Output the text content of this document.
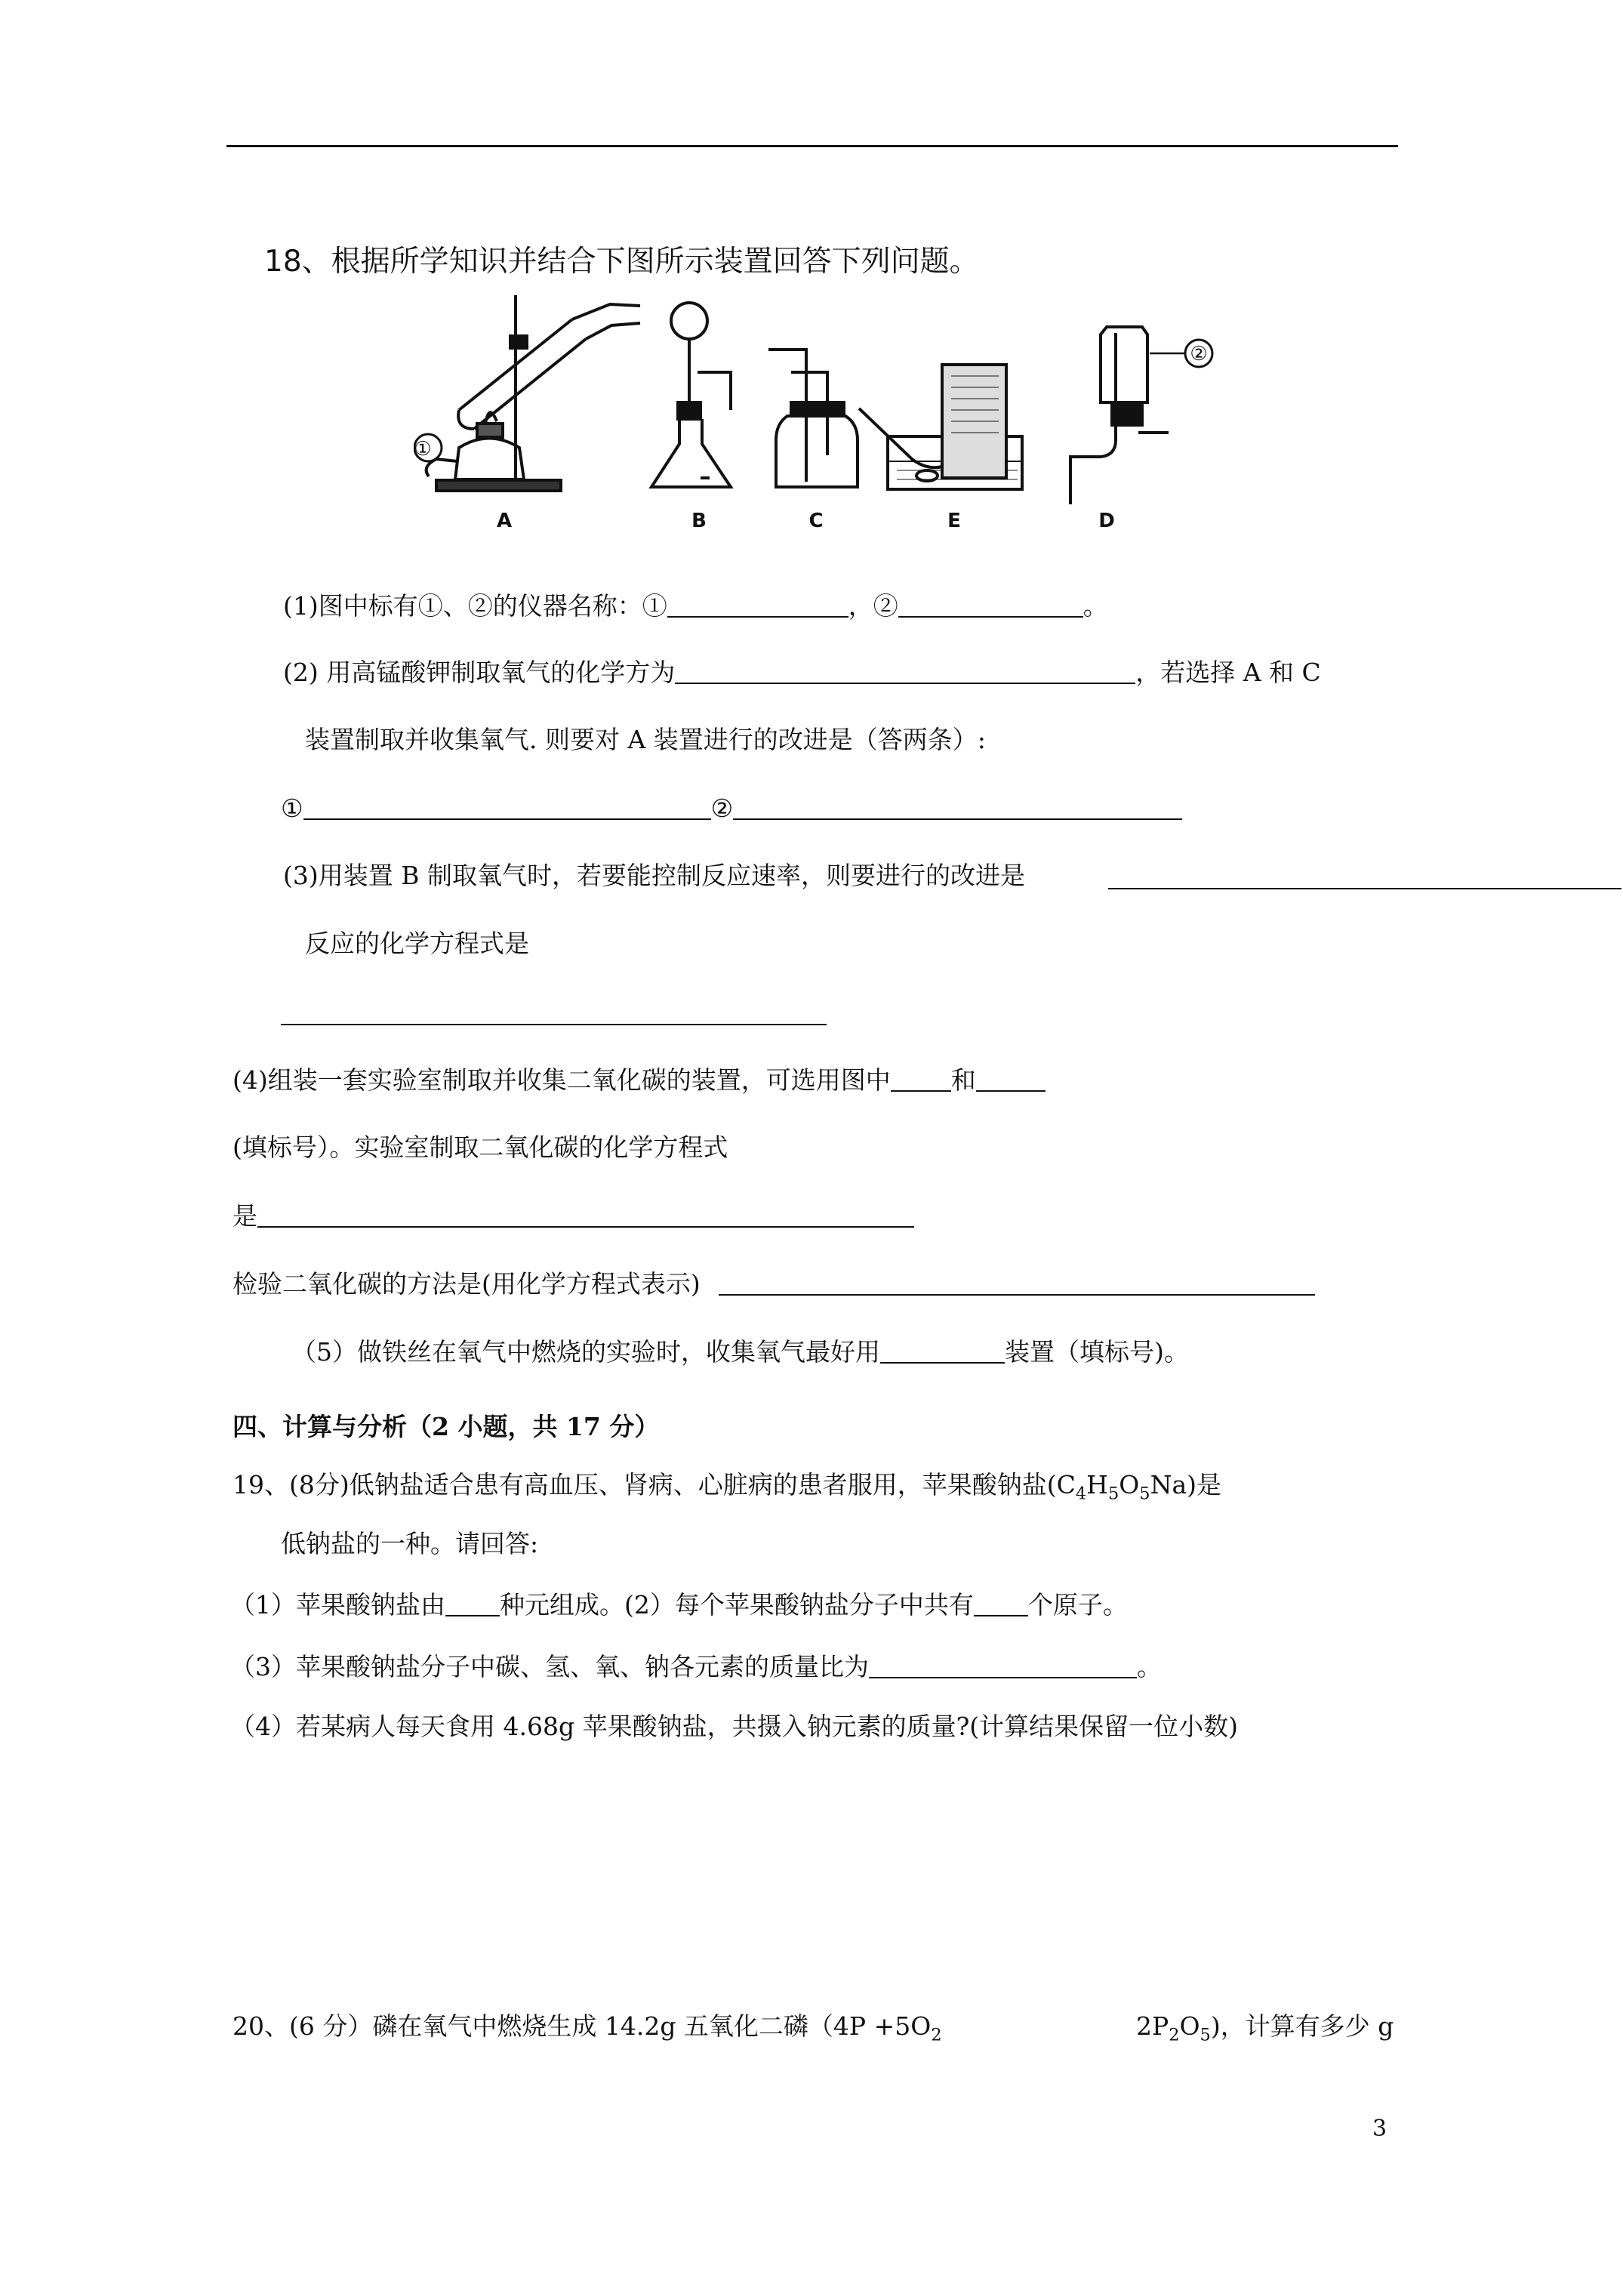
18、根据所学知识并结合下图所示装置回答下列问题。
①
②
A	B	C	E	D
(1)图中标有①、②的仪器名称：①	，②	。
(2) 用高锰酸钾制取氧气的化学方为	，若选择 A 和 C
装置制取并收集氧气. 则要对 A 装置进行的改进是（答两条）:
①	②
(3)用装置 B 制取氧气时，若要能控制反应速率，则要进行的改进是
反应的化学方程式是
(4)组装一套实验室制取并收集二氧化碳的装置，可选用图中 和
(填标号）。实验室制取二氧化碳的化学方程式
是
检验二氧化碳的方法是(用化学方程式表示)
（5）做铁丝在氧气中燃烧的实验时，收集氧气最好用	装置（填标号)。
四、计算与分析（2 小题，共 17 分）
19、(8分)低钠盐适合患有高血压、肾病、心脏病的患者服用，苹果酸钠盐$(C_4H_5O_5Na)$是
低钠盐的一种。请回答:
（1）苹果酸钠盐由 种元组成。(2）每个苹果酸钠盐分子中共有 个原子。
（3）苹果酸钠盐分子中碳、氢、氧、钠各元素的质量比为	。
（4）若某病人每天食用 4.68g 苹果酸钠盐，共摄入钠元素的质量?(计算结果保留一位小数)
20、(6 分）磷在氧气中燃烧生成 14.2g 五氧化二磷（$4P +5O_2$	$2P_2O_5$)，计算有多少 g
3
